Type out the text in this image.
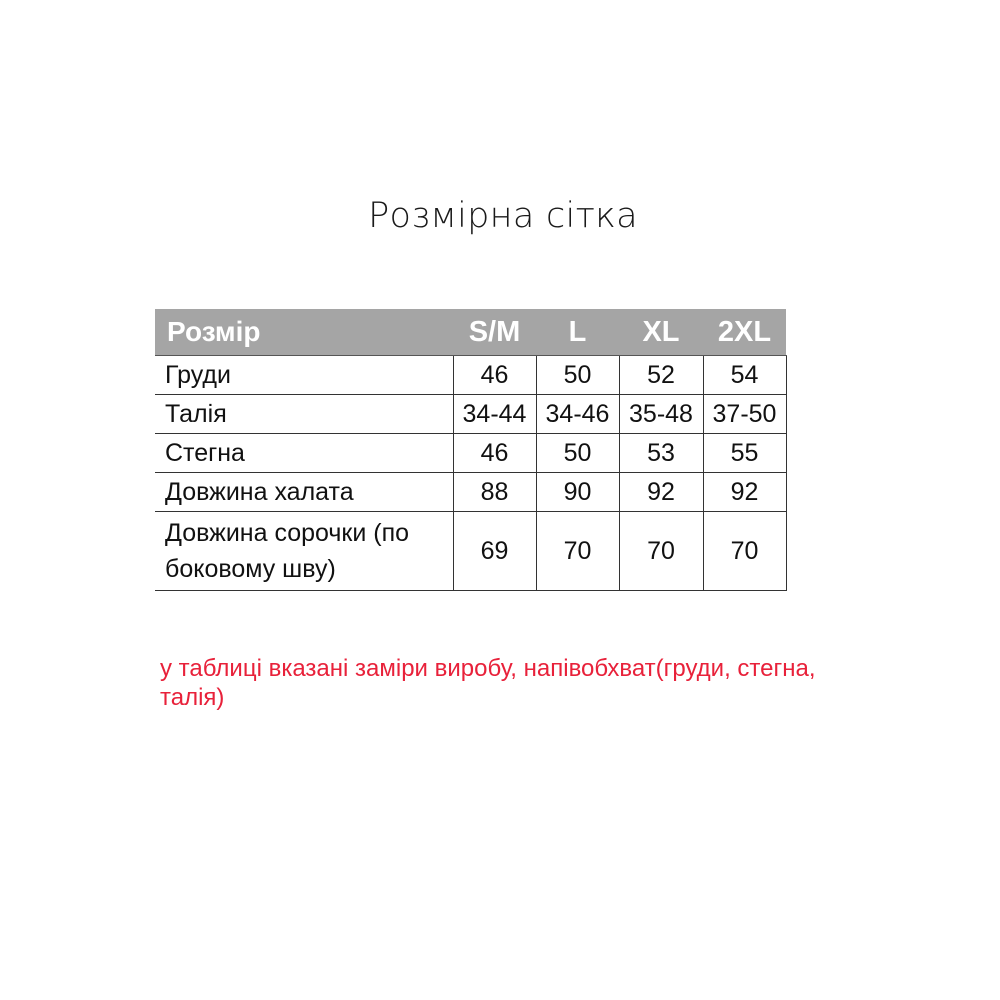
Розмірна сітка
Розмір	S/M	L	XL	2XL
Груди	46	50	52	54
Талія	34-44	34-46	35-48	37-50
Стегна	46	50	53	55
Довжина халата	88	90	92	92
Довжина сорочки (по боковому шву)	69	70	70	70
у таблиці вказані заміри виробу, напівобхват(груди, стегна, талія)
